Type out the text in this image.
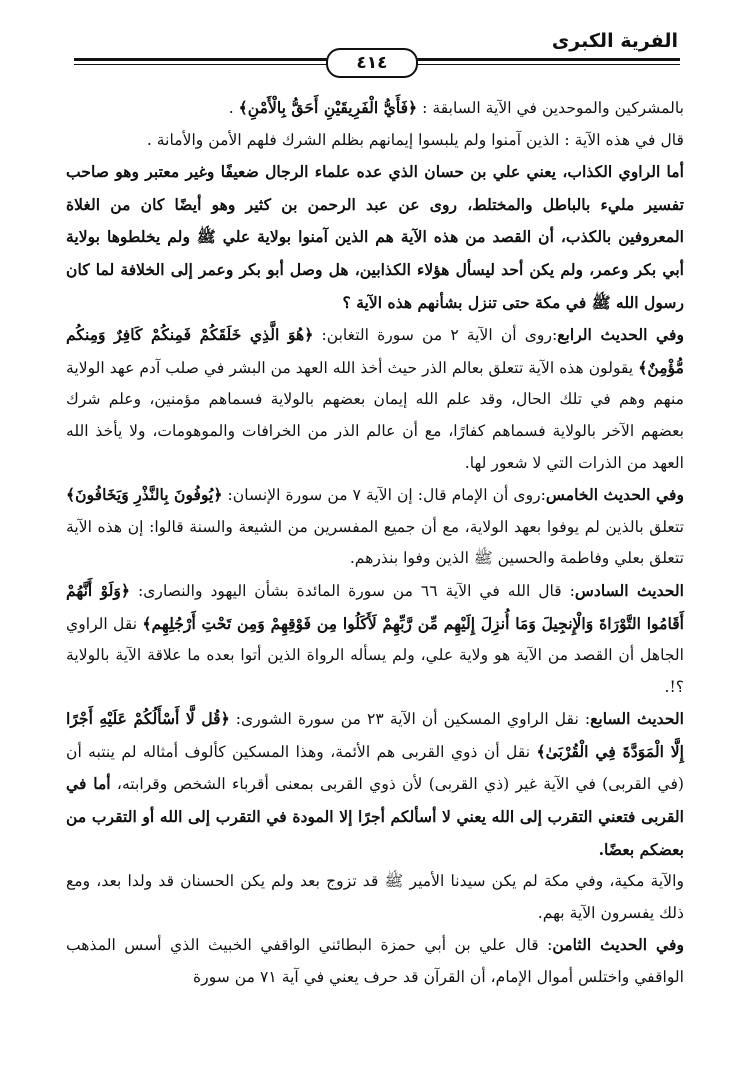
الفرية الكبرى
٤١٤

بالمشركين والموحدين في الآية السابقة : ﴿فَأَيُّ الْفَرِيقَيْنِ أَحَقُّ بِالْأَمْنِ﴾ .

قال في هذه الآية : الذين آمنوا ولم يلبسوا إيمانهم بظلم الشرك فلهم الأمن والأمانة .

أما الراوي الكذاب، يعني علي بن حسان الذي عده علماء الرجال ضعيفًا وغير معتبر وهو صاحب تفسير مليء بالباطل والمختلط، روى عن عبد الرحمن بن كثير وهو أيضًا كان من الغلاة المعروفين بالكذب، أن القصد من هذه الآية هم الذين آمنوا بولاية علي ﷺ ولم يخلطوها بولاية أبي بكر وعمر، ولم يكن أحد ليسأل هؤلاء الكذابين، هل وصل أبو بكر وعمر إلى الخلافة لما كان رسول الله ﷺ في مكة حتى تنزل بشأنهم هذه الآية ؟

وفي الحديث الرابع:روى أن الآية ٢ من سورة التغابن: ﴿هُوَ الَّذِي خَلَقَكُمْ فَمِنكُمْ كَافِرٌ وَمِنكُم مُّؤْمِنٌ﴾ يقولون هذه الآية تتعلق بعالم الذر حيث أخذ الله العهد من البشر في صلب آدم عهد الولاية منهم وهم في تلك الحال، وقد علم الله إيمان بعضهم بالولاية فسماهم مؤمنين، وعلم شرك بعضهم الآخر بالولاية فسماهم كفارًا، مع أن عالم الذر من الخرافات والموهومات، ولا يأخذ الله العهد من الذرات التي لا شعور لها.

وفي الحديث الخامس:روى أن الإمام قال: إن الآية ٧ من سورة الإنسان: ﴿يُوفُونَ بِالنَّذْرِ وَيَخَافُونَ﴾ تتعلق بالذين لم يوفوا بعهد الولاية، مع أن جميع المفسرين من الشيعة والسنة قالوا: إن هذه الآية تتعلق بعلي وفاطمة والحسين ﷺ الذين وفوا بنذرهم.

الحديث السادس: قال الله في الآية ٦٦ من سورة المائدة بشأن اليهود والنصارى: ﴿وَلَوْ أَنَّهُمْ أَقَامُوا التَّوْرَاةَ وَالْإِنجِيلَ وَمَا أُنزِلَ إِلَيْهِم مِّن رَّبِّهِمْ لَأَكَلُوا مِن فَوْقِهِمْ وَمِن تَحْتِ أَرْجُلِهِم﴾ نقل الراوي الجاهل أن القصد من الآية هو ولاية علي، ولم يسأله الرواة الذين أتوا بعده ما علاقة الآية بالولاية ؟!.

الحديث السابع: نقل الراوي المسكين أن الآية ٢٣ من سورة الشورى: ﴿قُل لَّا أَسْأَلُكُمْ عَلَيْهِ أَجْرًا إِلَّا الْمَوَدَّةَ فِي الْقُرْبَىٰ﴾ نقل أن ذوي القربى هم الأئمة، وهذا المسكين كألوف أمثاله لم ينتبه أن (في القربى) في الآية غير (ذي القربى) لأن ذوي القربى بمعنى أقرباء الشخص وقرابته، أما في القربى فتعني التقرب إلى الله يعني لا أسألكم أجرًا إلا المودة في التقرب إلى الله أو التقرب من بعضكم بعضًا.

والآية مكية، وفي مكة لم يكن سيدنا الأمير ﷺ قد تزوج بعد ولم يكن الحسنان قد ولدا بعد، ومع ذلك يفسرون الآية بهم.

وفي الحديث الثامن: قال علي بن أبي حمزة البطائني الواقفي الخبيث الذي أسس المذهب الواقفي واختلس أموال الإمام، أن القرآن قد حرف يعني في آية ٧١ من سورة
